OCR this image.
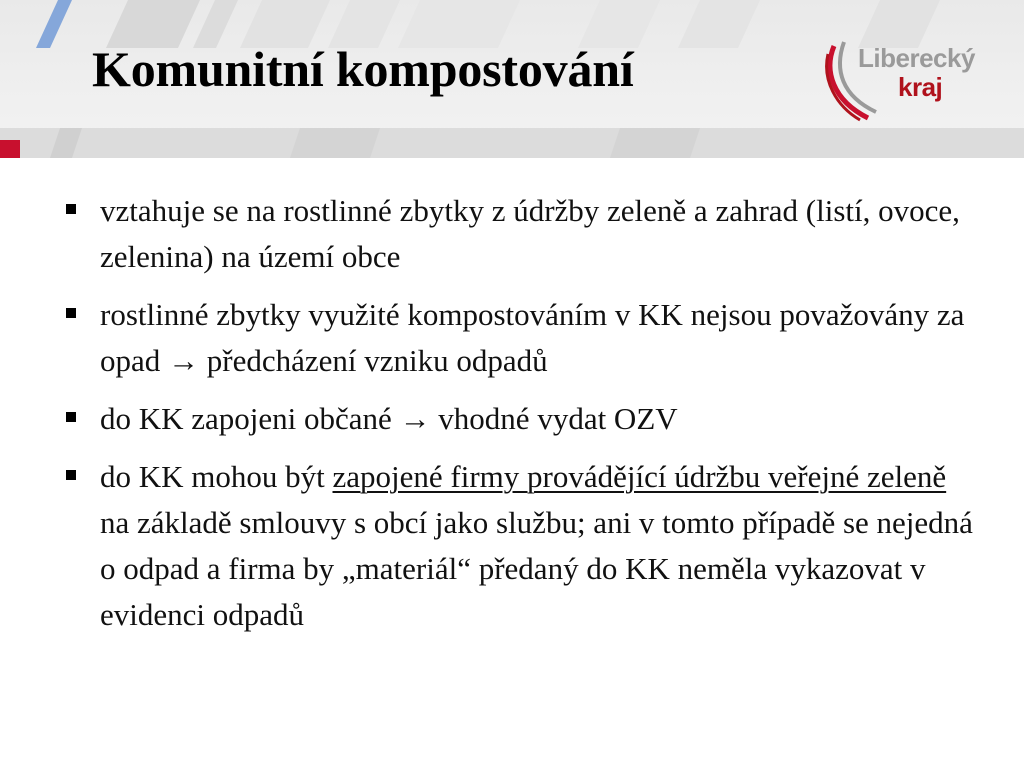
Komunitní kompostování	Liberecký
kraj
vztahuje se na rostlinné zbytky z údržby zeleně a zahrad (listí, ovoce, zelenina) na území obce
rostlinné zbytky využité kompostováním v KK nejsou považovány za opad → předcházení vzniku odpadů
do KK zapojeni občané → vhodné vydat OZV
do KK mohou být zapojené firmy provádějící údržbu veřejné zeleně na základě smlouvy s obcí jako službu; ani v tomto případě se nejedná o odpad a firma by „materiál“ předaný do KK neměla vykazovat v evidenci odpadů
